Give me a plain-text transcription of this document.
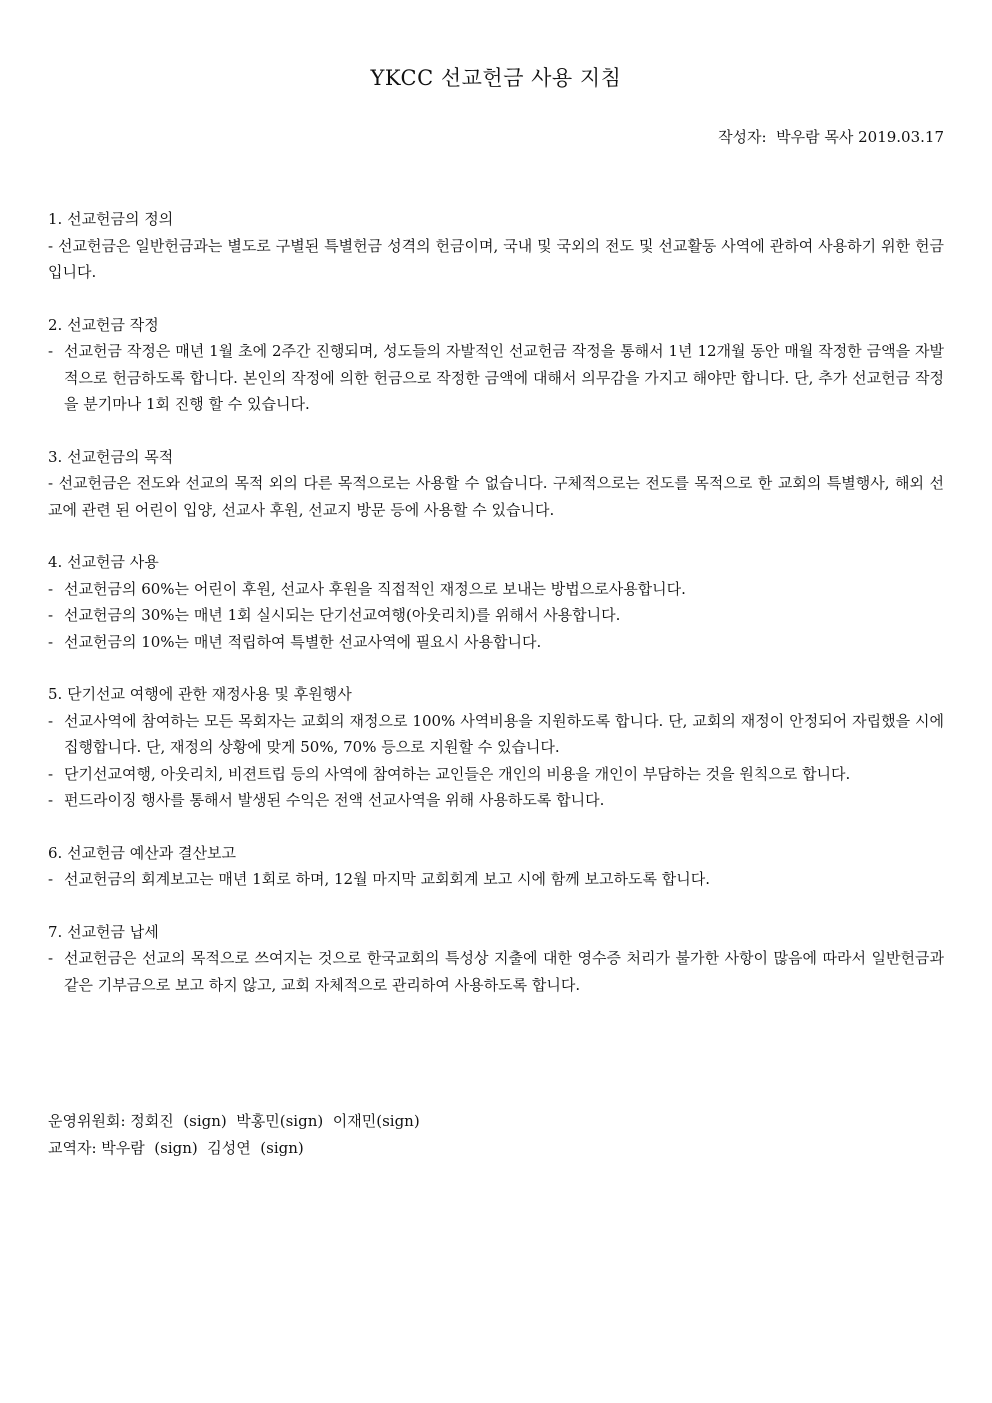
YKCC 선교헌금 사용 지침
작성자:  박우람 목사 2019.03.17
1. 선교헌금의 정의
- 선교헌금은 일반헌금과는 별도로 구별된 특별헌금 성격의 헌금이며, 국내 및 국외의 전도 및 선교활동 사역에 관하여 사용하기 위한 헌금입니다.
2. 선교헌금 작정
- 선교헌금 작정은 매년 1월 초에 2주간 진행되며, 성도들의 자발적인 선교헌금 작정을 통해서 1년 12개월 동안 매월 작정한 금액을 자발적으로 헌금하도록 합니다. 본인의 작정에 의한 헌금으로 작정한 금액에 대해서 의무감을 가지고 해야만 합니다. 단, 추가 선교헌금 작정을 분기마나 1회 진행 할 수 있습니다.
3. 선교헌금의 목적
- 선교헌금은 전도와 선교의 목적 외의 다른 목적으로는 사용할 수 없습니다. 구체적으로는 전도를 목적으로 한 교회의 특별행사, 해외 선교에 관련 된 어린이 입양, 선교사 후원, 선교지 방문 등에 사용할 수 있습니다.
4. 선교헌금 사용
- 선교헌금의 60%는 어린이 후원, 선교사 후원을 직접적인 재정으로 보내는 방법으로사용합니다.
- 선교헌금의 30%는 매년 1회 실시되는 단기선교여행(아웃리치)를 위해서 사용합니다.
- 선교헌금의 10%는 매년 적립하여 특별한 선교사역에 필요시 사용합니다.
5. 단기선교 여행에 관한 재정사용 및 후원행사
- 선교사역에 참여하는 모든 목회자는 교회의 재정으로 100% 사역비용을 지원하도록 합니다. 단, 교회의 재정이 안정되어 자립했을 시에 집행합니다. 단, 재정의 상황에 맞게 50%, 70% 등으로 지원할 수 있습니다.
- 단기선교여행, 아웃리치, 비젼트립 등의 사역에 참여하는 교인들은 개인의 비용을 개인이 부담하는 것을 원칙으로 합니다.
- 펀드라이징 행사를 통해서 발생된 수익은 전액 선교사역을 위해 사용하도록 합니다.
6. 선교헌금 예산과 결산보고
- 선교헌금의 회계보고는 매년 1회로 하며, 12월 마지막 교회회계 보고 시에 함께 보고하도록 합니다.
7. 선교헌금 납세
- 선교헌금은 선교의 목적으로 쓰여지는 것으로 한국교회의 특성상 지출에 대한 영수증 처리가 불가한 사항이 많음에 따라서 일반헌금과 같은 기부금으로 보고 하지 않고, 교회 자체적으로 관리하여 사용하도록 합니다.
운영위원회: 정회진  (sign)  박홍민(sign)  이재민(sign)
교역자: 박우람  (sign)  김성연  (sign)
